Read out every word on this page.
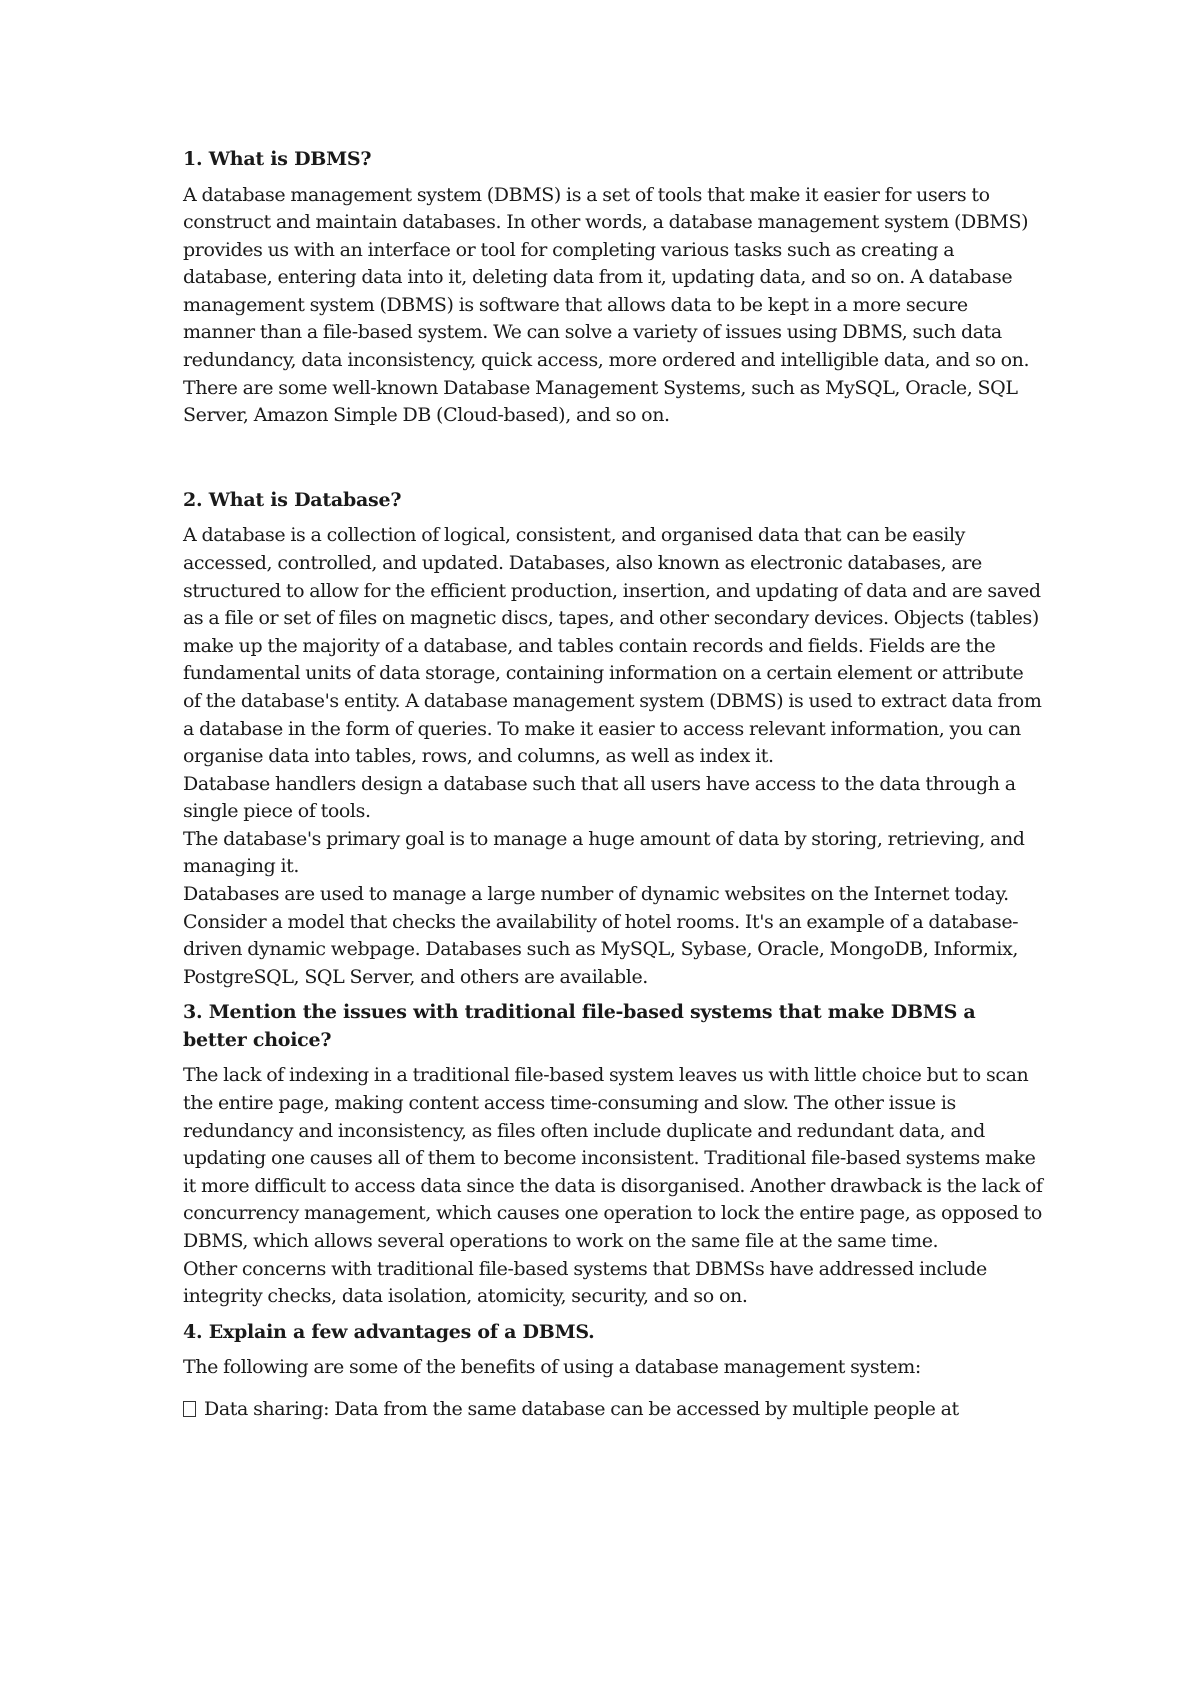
1. What is DBMS?

A database management system (DBMS) is a set of tools that make it easier for users to construct and maintain databases. In other words, a database management system (DBMS) provides us with an interface or tool for completing various tasks such as creating a database, entering data into it, deleting data from it, updating data, and so on. A database management system (DBMS) is software that allows data to be kept in a more secure manner than a file-based system. We can solve a variety of issues using DBMS, such data redundancy, data inconsistency, quick access, more ordered and intelligible data, and so on.

There are some well-known Database Management Systems, such as MySQL, Oracle, SQL Server, Amazon Simple DB (Cloud-based), and so on.

2. What is Database?

A database is a collection of logical, consistent, and organised data that can be easily accessed, controlled, and updated. Databases, also known as electronic databases, are structured to allow for the efficient production, insertion, and updating of data and are saved as a file or set of files on magnetic discs, tapes, and other secondary devices. Objects (tables) make up the majority of a database, and tables contain records and fields. Fields are the fundamental units of data storage, containing information on a certain element or attribute of the database's entity. A database management system (DBMS) is used to extract data from a database in the form of queries. To make it easier to access relevant information, you can organise data into tables, rows, and columns, as well as index it.

Database handlers design a database such that all users have access to the data through a single piece of tools.

The database's primary goal is to manage a huge amount of data by storing, retrieving, and managing it.

Databases are used to manage a large number of dynamic websites on the Internet today. Consider a model that checks the availability of hotel rooms. It's an example of a database-driven dynamic webpage. Databases such as MySQL, Sybase, Oracle, MongoDB, Informix, PostgreSQL, SQL Server, and others are available.

3. Mention the issues with traditional file-based systems that make DBMS a better choice?

The lack of indexing in a traditional file-based system leaves us with little choice but to scan the entire page, making content access time-consuming and slow. The other issue is redundancy and inconsistency, as files often include duplicate and redundant data, and updating one causes all of them to become inconsistent. Traditional file-based systems make it more difficult to access data since the data is disorganised. Another drawback is the lack of concurrency management, which causes one operation to lock the entire page, as opposed to DBMS, which allows several operations to work on the same file at the same time.

Other concerns with traditional file-based systems that DBMSs have addressed include integrity checks, data isolation, atomicity, security, and so on.

4. Explain a few advantages of a DBMS.

The following are some of the benefits of using a database management system:

Data sharing: Data from the same database can be accessed by multiple people at
